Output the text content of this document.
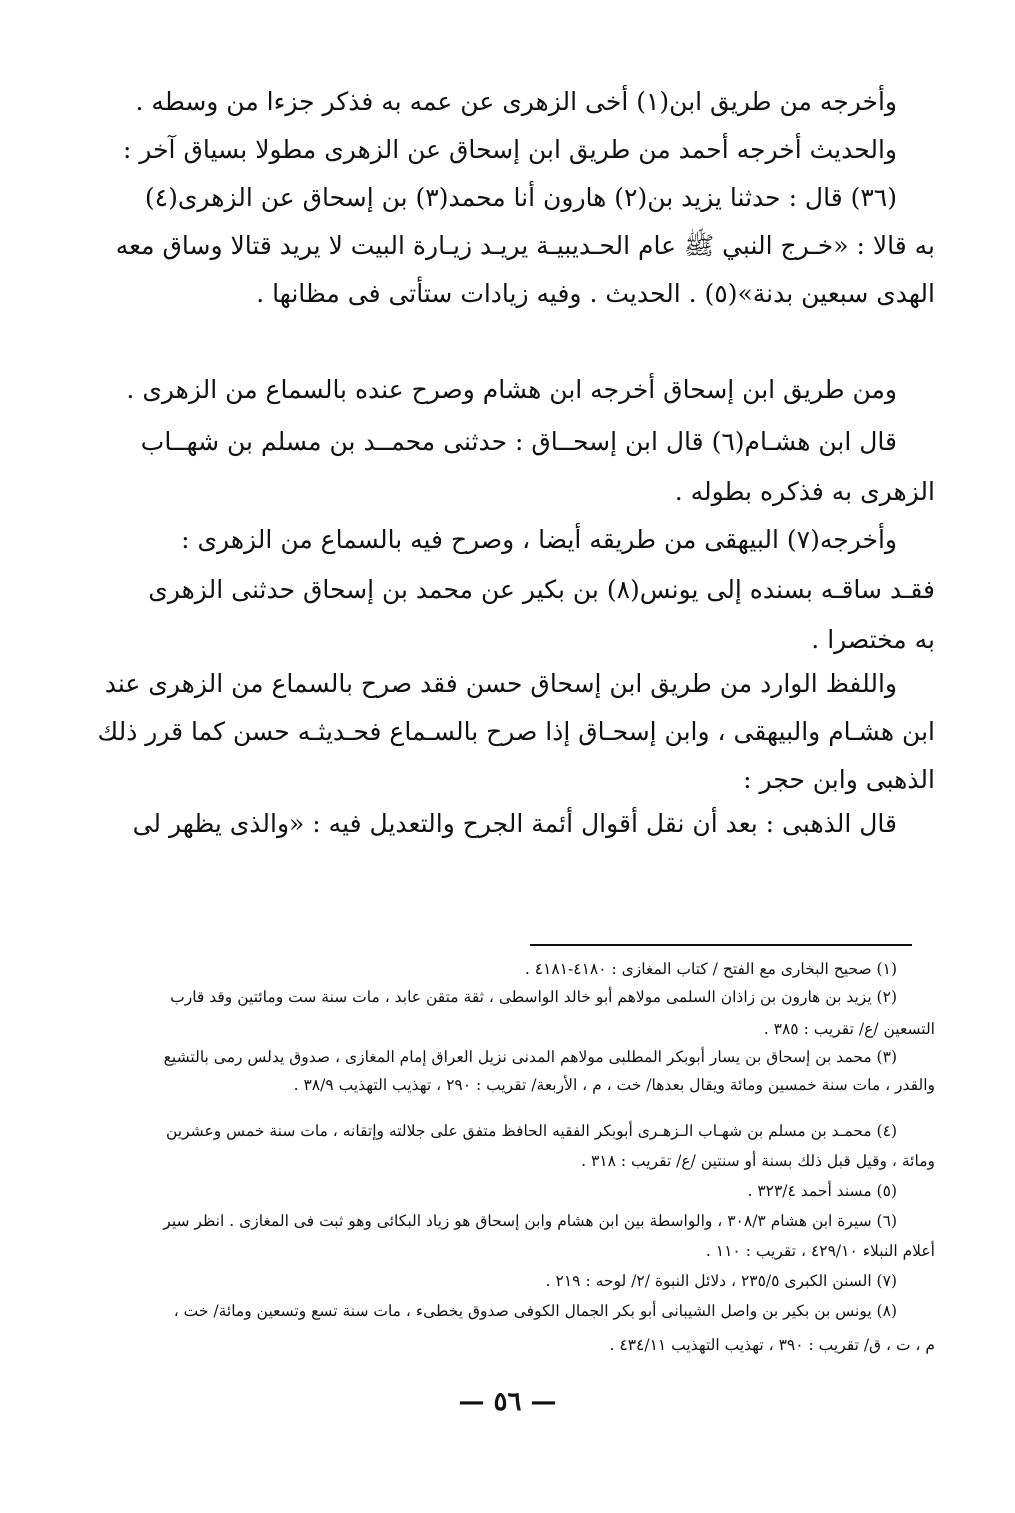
وأخرجه من طريق ابن(١) أخى الزهرى عن عمه به فذكر جزءا من وسطه .
والحديث أخرجه أحمد من طريق ابن إسحاق عن الزهرى مطولا بسياق آخر :
(٣٦) قال : حدثنا يزيد بن(٢) هارون أنا محمد(٣) بن إسحاق عن الزهرى(٤)
به قالا : «خـرج النبي ﷺ عام الحـديبيـة يريـد زيـارة البيت لا يريد قتالا وساق معه
الهدى سبعين بدنة»(٥) . الحديث . وفيه زيادات ستأتى فى مظانها .
ومن طريق ابن إسحاق أخرجه ابن هشام وصرح عنده بالسماع من الزهرى .
قال ابن هشـام(٦) قال ابن إسحــاق : حدثنى محمــد بن مسلم بن شهــاب
الزهرى به فذكره بطوله .
وأخرجه(٧) البيهقى من طريقه أيضا ، وصرح فيه بالسماع من الزهرى :
فقـد ساقـه بسنده إلى يونس(٨) بن بكير عن محمد بن إسحاق حدثنى الزهرى
به مختصرا .
واللفظ الوارد من طريق ابن إسحاق حسن فقد صرح بالسماع من الزهرى عند
ابن هشـام والبيهقى ، وابن إسحـاق إذا صرح بالسـماع فحـديثـه حسن كما قرر ذلك
الذهبى وابن حجر :
قال الذهبى : بعد أن نقل أقوال أئمة الجرح والتعديل فيه : «والذى يظهر لى
(١) صحيح البخارى مع الفتح / كتاب المغازى : ٤١٨٠-٤١٨١ .
(٢) يزيد بن هارون بن زاذان السلمى مولاهم أبو خالد الواسطى ، ثقة متقن عابد ، مات سنة ست ومائتين وقد قارب
التسعين /ع/ تقريب : ٣٨٥ .
(٣) محمد بن إسحاق بن يسار أبوبكر المطلبى مولاهم المدنى نزيل العراق إمام المغازى ، صدوق يدلس رمى بالتشيع
والقدر ، مات سنة خمسين ومائة ويقال بعدها/ خت ، م ، الأربعة/ تقريب : ٢٩٠ ، تهذيب التهذيب ٣٨/٩ .
(٤) محمـد بن مسلم بن شهـاب الـزهـرى أبوبكر الفقيه الحافظ متفق على جلالته وإتقانه ، مات سنة خمس وعشرين
ومائة ، وقيل قبل ذلك بسنة أو سنتين /ع/ تقريب : ٣١٨ .
(٥) مسند أحمد ٣٢٣/٤ .
(٦) سيرة ابن هشام ٣٠٨/٣ ، والواسطة بين ابن هشام وابن إسحاق هو زياد البكائى وهو ثبت فى المغازى . انظر سير
أعلام النبلاء ٤٢٩/١٠ ، تقريب : ١١٠ .
(٧) السنن الكبرى ٢٣٥/٥ ، دلائل النبوة /٢/ لوحه : ٢١٩ .
(٨) يونس بن بكير بن واصل الشيبانى أبو بكر الجمال الكوفى صدوق يخطىء ، مات سنة تسع وتسعين ومائة/ خت ،
م ، ت ، ق/ تقريب : ٣٩٠ ، تهذيب التهذيب ٤٣٤/١١ .
— ٥٦ —
